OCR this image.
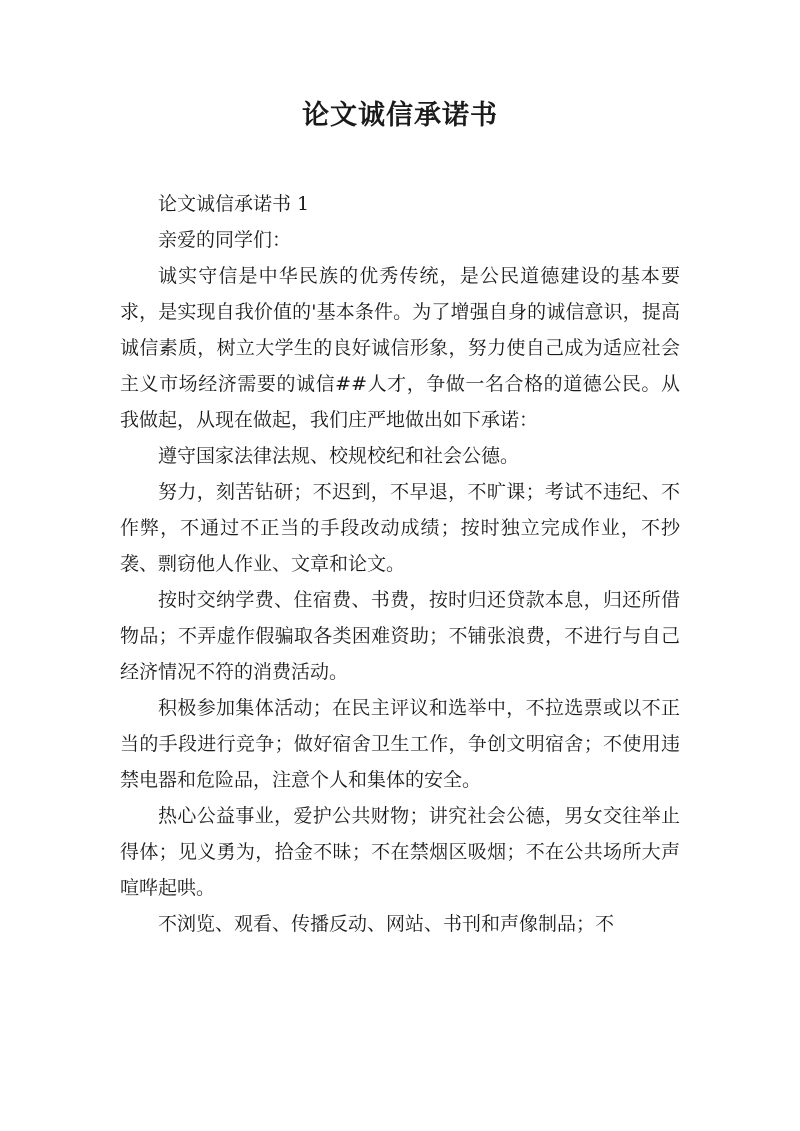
论文诚信承诺书

论文诚信承诺书 1

亲爱的同学们：

诚实守信是中华民族的优秀传统，是公民道德建设的基本要求，是实现自我价值的'基本条件。为了增强自身的诚信意识，提高诚信素质，树立大学生的良好诚信形象，努力使自己成为适应社会主义市场经济需要的诚信##人才，争做一名合格的道德公民。从我做起，从现在做起，我们庄严地做出如下承诺：

遵守国家法律法规、校规校纪和社会公德。

努力，刻苦钻研；不迟到，不早退，不旷课；考试不违纪、不作弊，不通过不正当的手段改动成绩；按时独立完成作业，不抄袭、剽窃他人作业、文章和论文。

按时交纳学费、住宿费、书费，按时归还贷款本息，归还所借物品；不弄虚作假骗取各类困难资助；不铺张浪费，不进行与自己经济情况不符的消费活动。

积极参加集体活动；在民主评议和选举中，不拉选票或以不正当的手段进行竞争；做好宿舍卫生工作，争创文明宿舍；不使用违禁电器和危险品，注意个人和集体的安全。

热心公益事业，爱护公共财物；讲究社会公德，男女交往举止得体；见义勇为，拾金不昧；不在禁烟区吸烟；不在公共场所大声喧哗起哄。

不浏览、观看、传播反动、网站、书刊和声像制品；不
